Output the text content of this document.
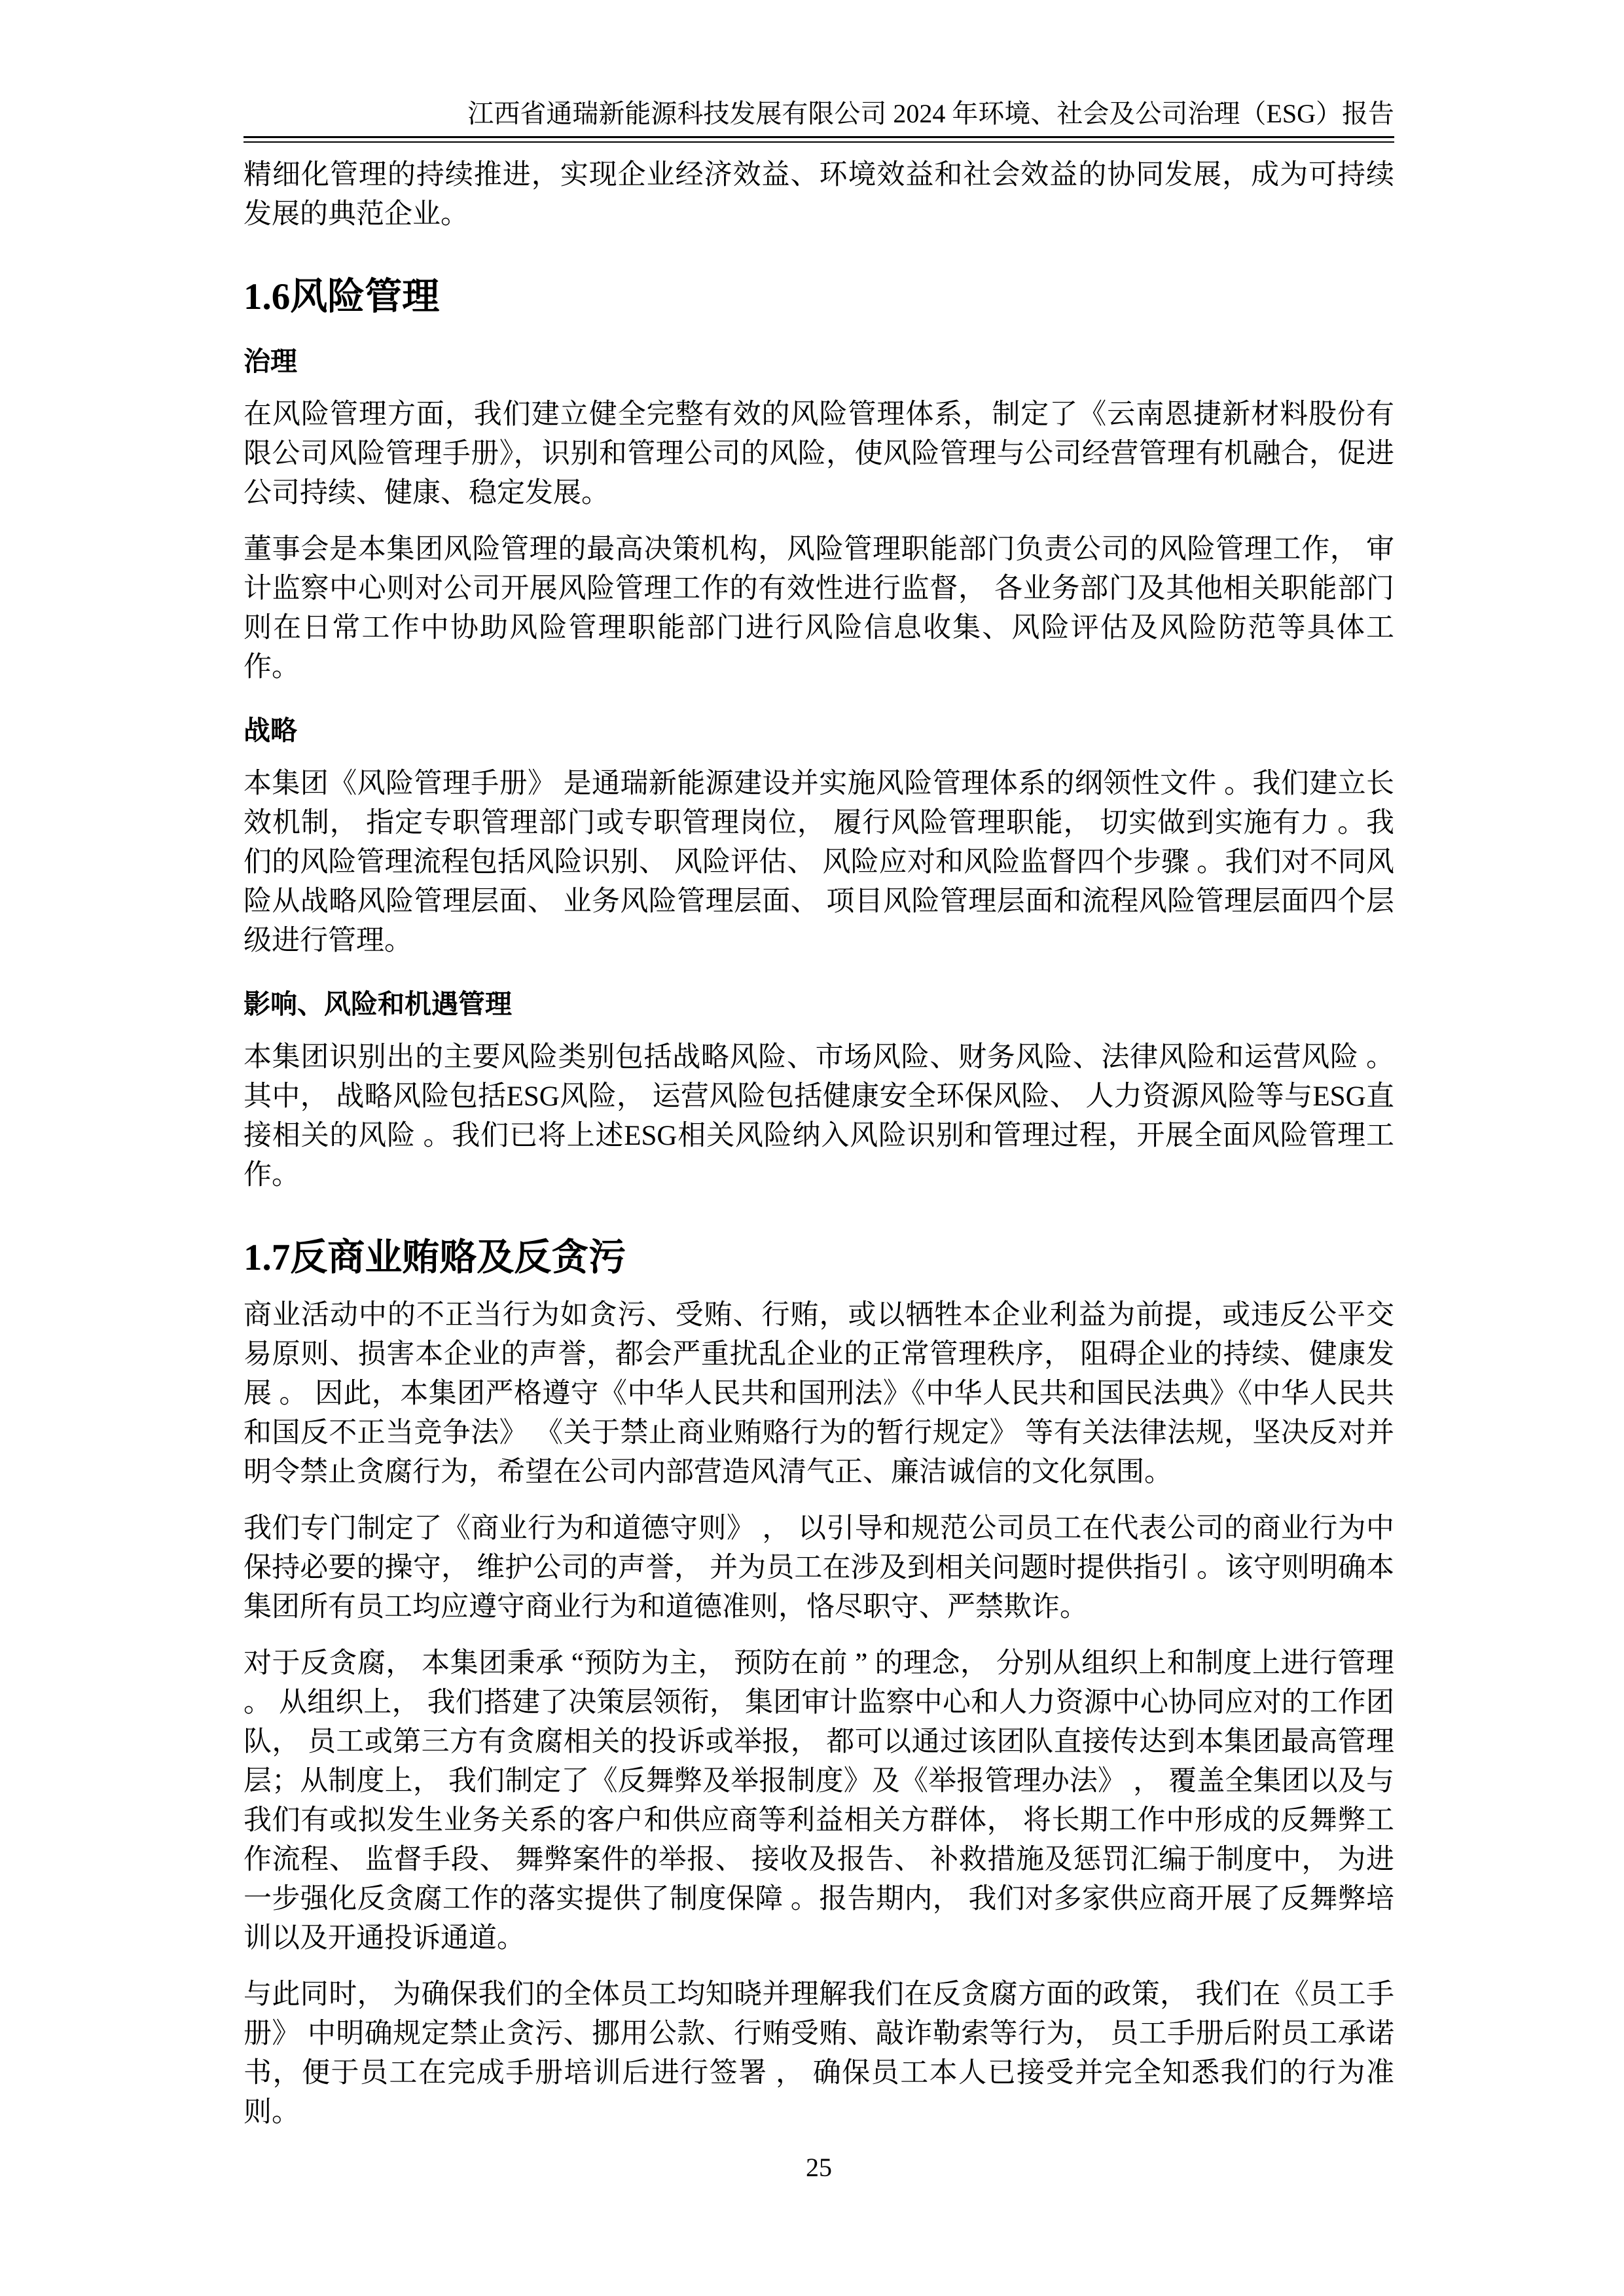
江西省通瑞新能源科技发展有限公司 2024 年环境、社会及公司治理（ESG）报告

精细化管理的持续推进，实现企业经济效益、环境效益和社会效益的协同发展，成为可持续发展的典范企业。

1.6风险管理
治理

在风险管理方面，我们建立健全完整有效的风险管理体系，制定了《云南恩捷新材料股份有限公司风险管理手册》，识别和管理公司的风险，使风险管理与公司经营管理有机融合，促进公司持续、健康、稳定发展。

董事会是本集团风险管理的最高决策机构，风险管理职能部门负责公司的风险管理工作， 审计监察中心则对公司开展风险管理工作的有效性进行监督， 各业务部门及其他相关职能部门则在日常工作中协助风险管理职能部门进行风险信息收集、风险评估及风险防范等具体工作。

战略

本集团《风险管理手册》 是通瑞新能源建设并实施风险管理体系的纲领性文件 。我们建立长效机制， 指定专职管理部门或专职管理岗位， 履行风险管理职能， 切实做到实施有力 。我们的风险管理流程包括风险识别、 风险评估、 风险应对和风险监督四个步骤 。我们对不同风险从战略风险管理层面、 业务风险管理层面、 项目风险管理层面和流程风险管理层面四个层级进行管理。

影响、风险和机遇管理

本集团识别出的主要风险类别包括战略风险、市场风险、财务风险、法律风险和运营风险 。其中， 战略风险包括ESG风险， 运营风险包括健康安全环保风险、 人力资源风险等与ESG直接相关的风险 。我们已将上述ESG相关风险纳入风险识别和管理过程，开展全面风险管理工作。

1.7反商业贿赂及反贪污

商业活动中的不正当行为如贪污、受贿、行贿，或以牺牲本企业利益为前提，或违反公平交易原则、损害本企业的声誉，都会严重扰乱企业的正常管理秩序， 阻碍企业的持续、健康发展 。 因此，本集团严格遵守《中华人民共和国刑法》《中华人民共和国民法典》《中华人民共和国反不正当竞争法》 《关于禁止商业贿赂行为的暂行规定》 等有关法律法规，坚决反对并明令禁止贪腐行为，希望在公司内部营造风清气正、廉洁诚信的文化氛围。

我们专门制定了《商业行为和道德守则》 ， 以引导和规范公司员工在代表公司的商业行为中保持必要的操守， 维护公司的声誉， 并为员工在涉及到相关问题时提供指引 。该守则明确本集团所有员工均应遵守商业行为和道德准则，恪尽职守、严禁欺诈。

对于反贪腐， 本集团秉承 “预防为主， 预防在前 ” 的理念， 分别从组织上和制度上进行管理 。 从组织上， 我们搭建了决策层领衔， 集团审计监察中心和人力资源中心协同应对的工作团队， 员工或第三方有贪腐相关的投诉或举报， 都可以通过该团队直接传达到本集团最高管理层；从制度上， 我们制定了《反舞弊及举报制度》及《举报管理办法》 ， 覆盖全集团以及与我们有或拟发生业务关系的客户和供应商等利益相关方群体， 将长期工作中形成的反舞弊工作流程、 监督手段、 舞弊案件的举报、 接收及报告、 补救措施及惩罚汇编于制度中， 为进一步强化反贪腐工作的落实提供了制度保障 。报告期内， 我们对多家供应商开展了反舞弊培训以及开通投诉通道。

与此同时， 为确保我们的全体员工均知晓并理解我们在反贪腐方面的政策， 我们在《员工手册》 中明确规定禁止贪污、挪用公款、行贿受贿、敲诈勒索等行为， 员工手册后附员工承诺书，便于员工在完成手册培训后进行签署 ， 确保员工本人已接受并完全知悉我们的行为准则。

25
